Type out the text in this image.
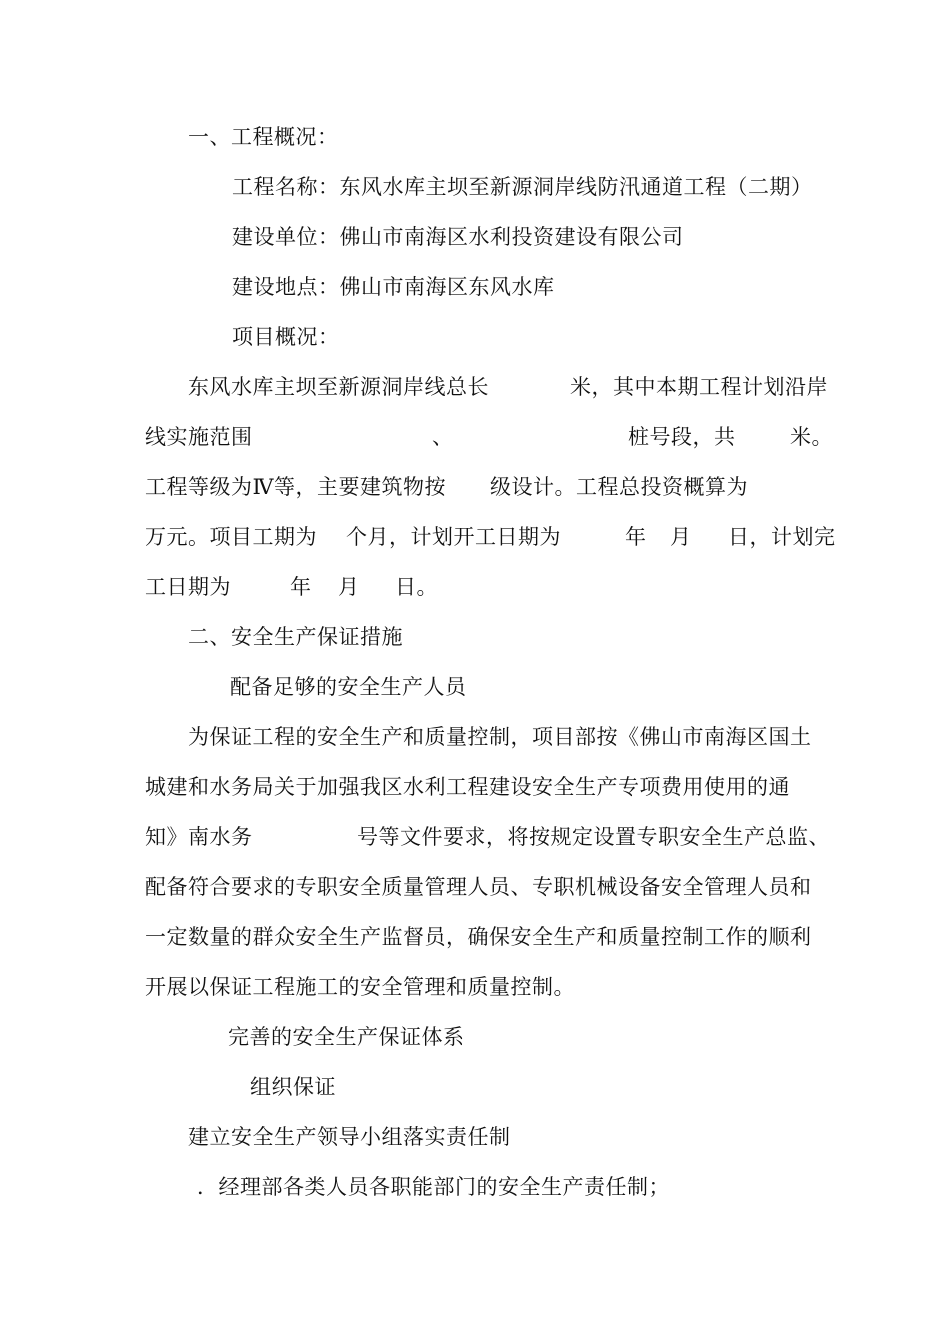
一、工程概况：
工程名称：东风水库主坝至新源洞岸线防汛通道工程（二期）
建设单位：佛山市南海区水利投资建设有限公司
建设地点：佛山市南海区东风水库
项目概况：
东风水库主坝至新源洞岸线总长	米，其中本期工程计划沿岸
线实施范围	、	桩号段，共	米。
工程等级为Ⅳ等，主要建筑物按 级设计。工程总投资概算为
万元。项目工期为 个月，计划开工日期为	年 月 日，计划完
工日期为	年 月 日。
二、安全生产保证措施
配备足够的安全生产人员
为保证工程的安全生产和质量控制，项目部按《佛山市南海区国土
城建和水务局关于加强我区水利工程建设安全生产专项费用使用的通
知》南水务	号等文件要求，将按规定设置专职安全生产总监、
配备符合要求的专职安全质量管理人员、专职机械设备安全管理人员和
一定数量的群众安全生产监督员，确保安全生产和质量控制工作的顺利
开展以保证工程施工的安全管理和质量控制。
完善的安全生产保证体系
组织保证
建立安全生产领导小组落实责任制
．经理部各类人员各职能部门的安全生产责任制；
